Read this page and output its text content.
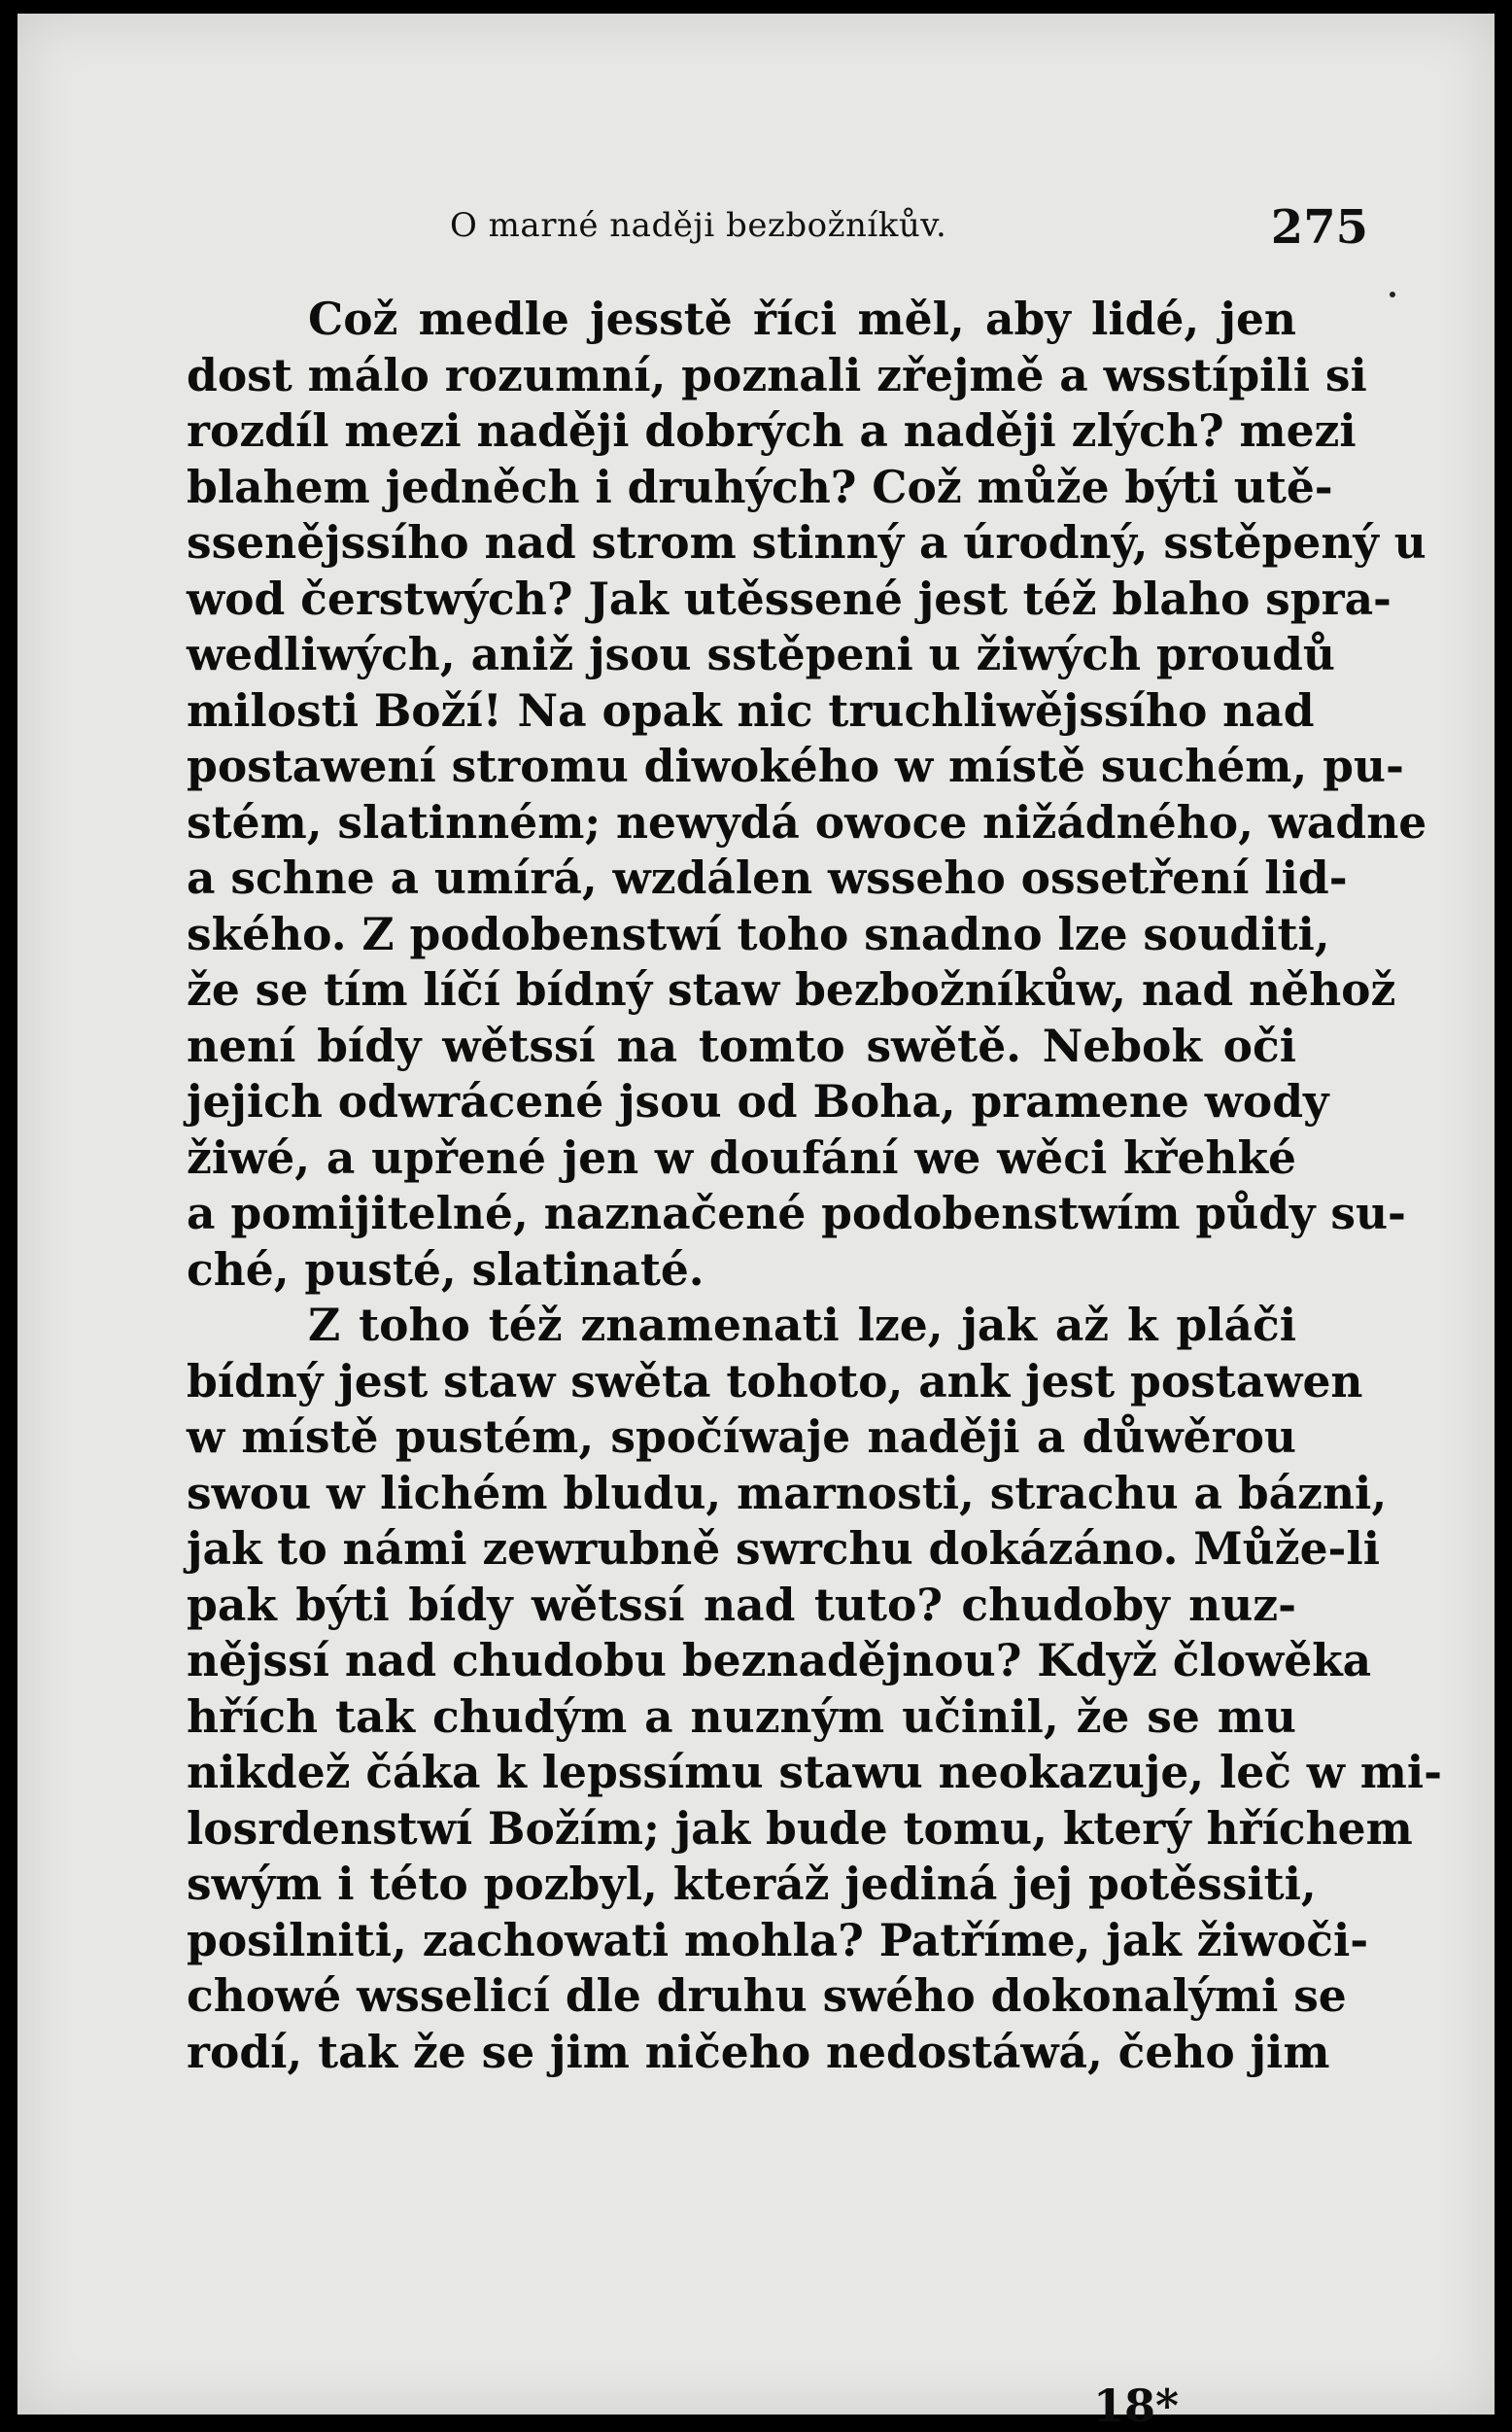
O marné naději bezbožníkův.	275
Což medle jesstě říci měl, aby lidé, jen
dost málo rozumní, poznali zřejmě a wsstípili si
rozdíl mezi naději dobrých a naději zlých? mezi
blahem jedněch i druhých? Což může býti utě-
ssenějssího nad strom stinný a úrodný, sstěpený u
wod čerstwých? Jak utěssené jest též blaho spra-
wedliwých, aniž jsou sstěpeni u žiwých proudů
milosti Boží! Na opak nic truchliwějssího nad
postawení stromu diwokého w místě suchém, pu-
stém, slatinném; newydá owoce nižádného, wadne
a schne a umírá, wzdálen wsseho ossetření lid-
ského. Z podobenstwí toho snadno lze souditi,
že se tím líčí bídný staw bezbožníkůw, nad něhož
není bídy wětssí na tomto swětě. Nebok oči
jejich odwrácené jsou od Boha, pramene wody
žiwé, a upřené jen w doufání we wěci křehké
a pomijitelné, naznačené podobenstwím půdy su-
ché, pusté, slatinaté.
Z toho též znamenati lze, jak až k pláči
bídný jest staw swěta tohoto, ank jest postawen
w místě pustém, spočíwaje naději a důwěrou
swou w lichém bludu, marnosti, strachu a bázni,
jak to námi zewrubně swrchu dokázáno. Může-li
pak býti bídy wětssí nad tuto? chudoby nuz-
nějssí nad chudobu beznadějnou? Když člowěka
hřích tak chudým a nuzným učinil, že se mu
nikdež čáka k lepssímu stawu neokazuje, leč w mi-
losrdenstwí Božím; jak bude tomu, který hříchem
swým i této pozbyl, kteráž jediná jej potěssiti,
posilniti, zachowati mohla? Patříme, jak žiwoči-
chowé wsselicí dle druhu swého dokonalými se
rodí, tak že se jim ničeho nedostáwá, čeho jim
18*
